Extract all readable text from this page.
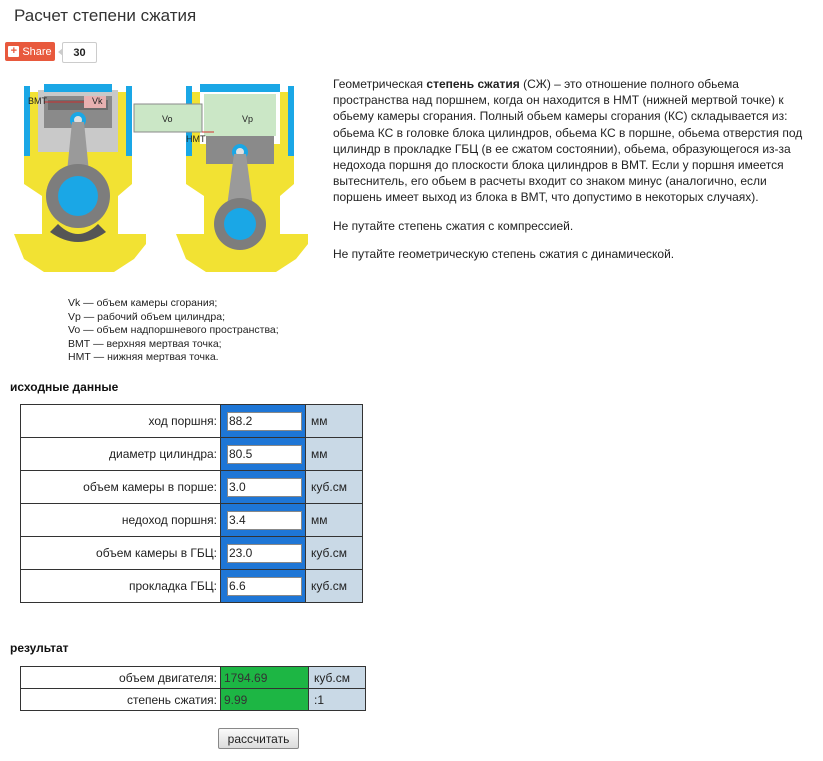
Расчет степени сжатия
+ Share	30
ВМТ	Vk
Vo	Vp
НМТ
Vk — объем камеры сгорания;
Vp — рабочий объем цилиндра;
Vo — объем надпоршневого пространства;
ВМТ — верхняя мертвая точка;
НМТ — нижняя мертвая точка.

Геометрическая степень сжатия (СЖ) – это отношение полного обьема пространства над поршнем, когда он находится в НМТ (нижней мертвой точке) к обьему камеры сгорания. Полный обьем камеры сгорания (КС) складывается из: обьема КС в головке блока цилиндров, обьема КС в поршне, обьема отверстия под цилиндр в прокладке ГБЦ (в ее сжатом состоянии), обьема, образующегося из-за недохода поршня до плоскости блока цилиндров в ВМТ. Если у поршня имеется вытеснитель, его обьем в расчеты входит со знаком минус (аналогично, если поршень имеет выход из блока в ВМТ, что допустимо в некоторых случаях).

Не путайте степень сжатия с компрессией.

Не путайте геометрическую степень сжатия с динамической.

исходные данные
ход поршня:	88.2	мм
диаметр цилиндра:	80.5	мм
объем камеры в порше:	3.0	куб.см
недоход поршня:	3.4	мм
объем камеры в ГБЦ:	23.0	куб.см
прокладка ГБЦ:	6.6	куб.см
результат
объем двигателя:	1794.69	куб.см
степень сжатия:	9.99	:1
рассчитать
